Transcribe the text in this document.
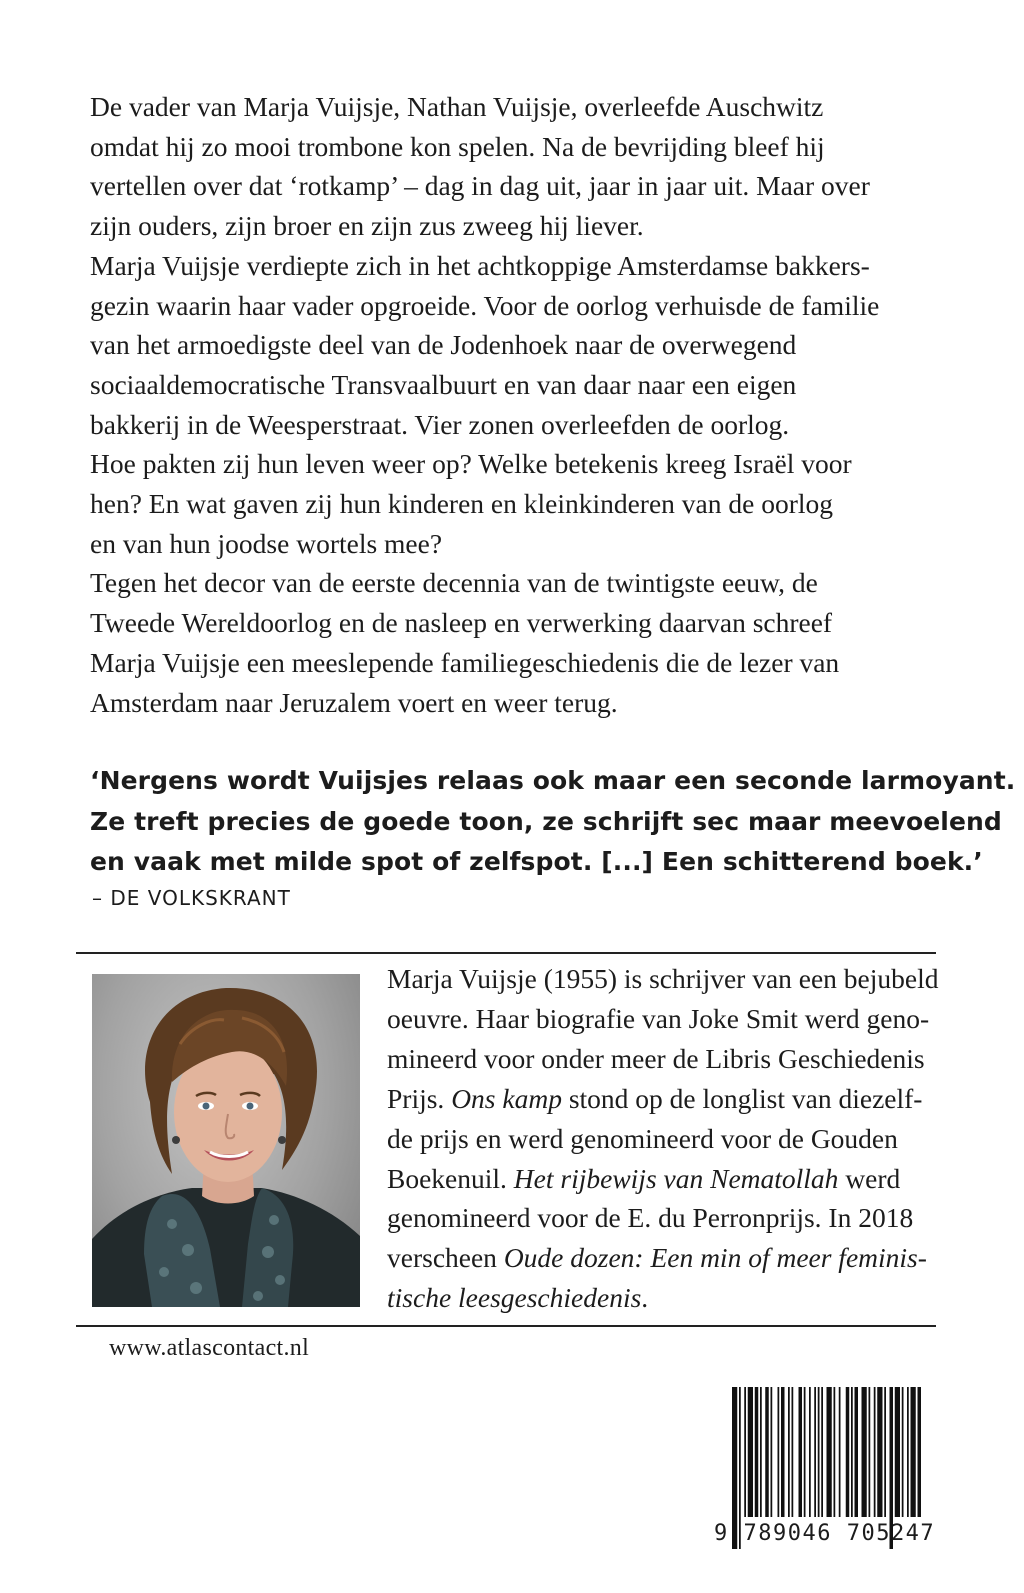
De vader van Marja Vuijsje, Nathan Vuijsje, overleefde Auschwitz
omdat hij zo mooi trombone kon spelen. Na de bevrijding bleef hij
vertellen over dat ‘rotkamp’ – dag in dag uit, jaar in jaar uit. Maar over
zijn ouders, zijn broer en zijn zus zweeg hij liever.
Marja Vuijsje verdiepte zich in het achtkoppige Amsterdamse bakkers-
gezin waarin haar vader opgroeide. Voor de oorlog verhuisde de familie
van het armoedigste deel van de Jodenhoek naar de overwegend
sociaaldemocratische Transvaalbuurt en van daar naar een eigen
bakkerij in de Weesperstraat. Vier zonen overleefden de oorlog.
Hoe pakten zij hun leven weer op? Welke betekenis kreeg Israël voor
hen? En wat gaven zij hun kinderen en kleinkinderen van de oorlog
en van hun joodse wortels mee?
Tegen het decor van de eerste decennia van de twintigste eeuw, de
Tweede Wereldoorlog en de nasleep en verwerking daarvan schreef
Marja Vuijsje een meeslepende familiegeschiedenis die de lezer van
Amsterdam naar Jeruzalem voert en weer terug.
‘Nergens wordt Vuijsjes relaas ook maar een seconde larmoyant.
Ze treft precies de goede toon, ze schrijft sec maar meevoelend
en vaak met milde spot of zelfspot. [...] Een schitterend boek.’
– DE VOLKSKRANT
Marja Vuijsje (1955) is schrijver van een bejubeld
oeuvre. Haar biografie van Joke Smit werd geno-
mineerd voor onder meer de Libris Geschiedenis
Prijs. Ons kamp stond op de longlist van diezelf-
de prijs en werd genomineerd voor de Gouden
Boekenuil. Het rijbewijs van Nematollah werd
genomineerd voor de E. du Perronprijs. In 2018
verscheen Oude dozen: Een min of meer feminis-
tische leesgeschiedenis.
www.atlascontact.nl
9 789046 705247
